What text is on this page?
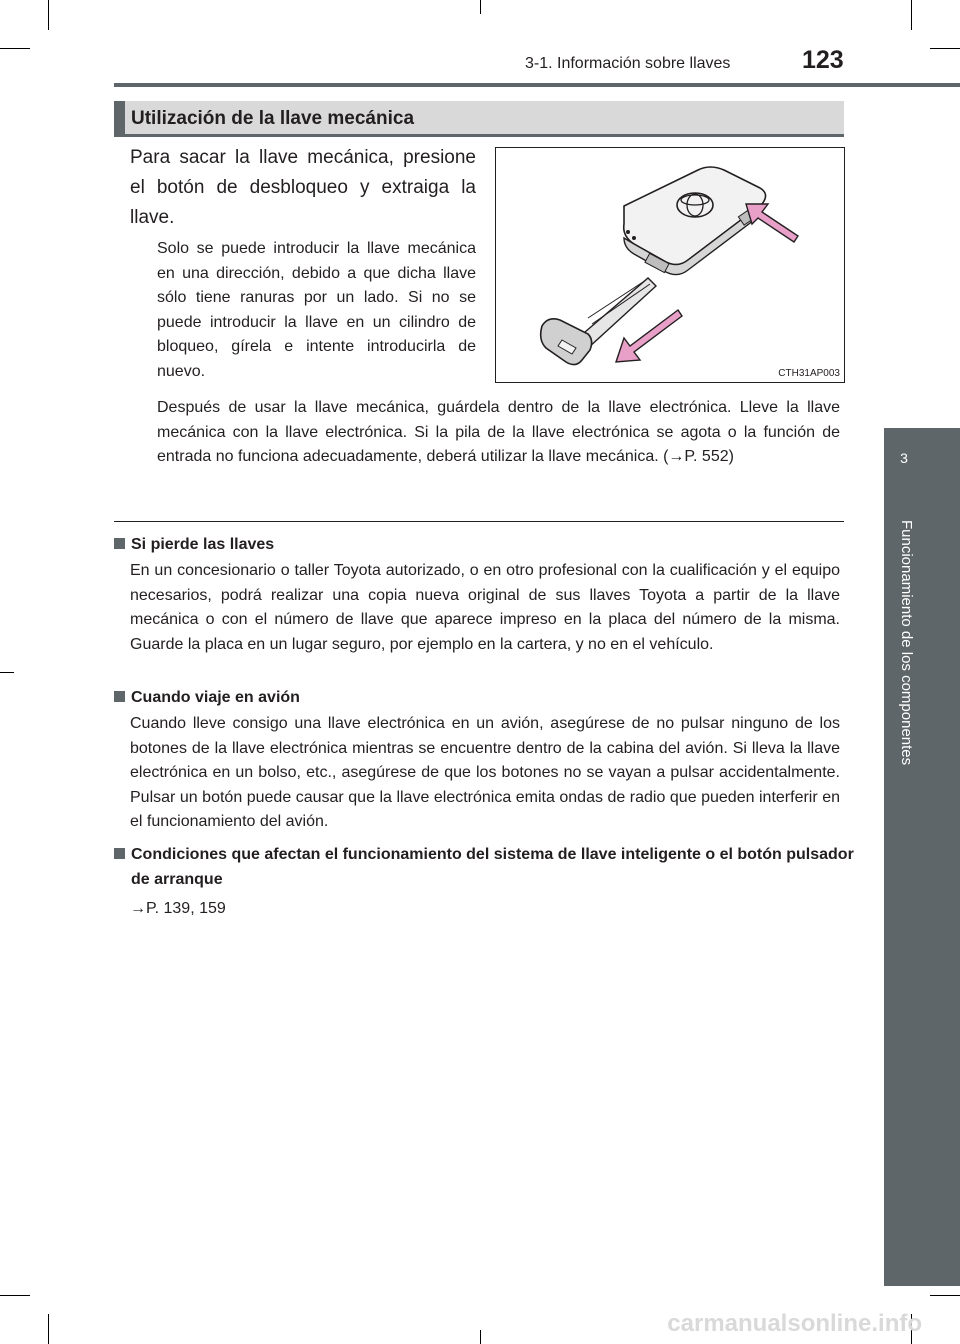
3-1. Información sobre llaves	123
3
Funcionamiento de los componentes
Utilización de la llave mecánica

Para sacar la llave mecánica, presione el botón de desbloqueo y extraiga la llave.

Solo se puede introducir la llave mecánica en una dirección, debido a que dicha llave sólo tiene ranuras por un lado. Si no se puede introducir la llave en un cilindro de bloqueo, gírela e intente introducirla de nuevo.	CTH31AP003

Después de usar la llave mecánica, guárdela dentro de la llave electrónica. Lleve la llave mecánica con la llave electrónica. Si la pila de la llave electrónica se agota o la función de entrada no funciona adecuadamente, deberá utilizar la llave mecánica. (→P. 552)

Si pierde las llaves

En un concesionario o taller Toyota autorizado, o en otro profesional con la cualificación y el equipo necesarios, podrá realizar una copia nueva original de sus llaves Toyota a partir de la llave mecánica o con el número de llave que aparece impreso en la placa del número de la misma. Guarde la placa en un lugar seguro, por ejemplo en la cartera, y no en el vehículo.

Cuando viaje en avión

Cuando lleve consigo una llave electrónica en un avión, asegúrese de no pulsar ninguno de los botones de la llave electrónica mientras se encuentre dentro de la cabina del avión. Si lleva la llave electrónica en un bolso, etc., asegúrese de que los botones no se vayan a pulsar accidentalmente. Pulsar un botón puede causar que la llave electrónica emita ondas de radio que pueden interferir en el funcionamiento del avión.

Condiciones que afectan el funcionamiento del sistema de llave inteligente o el botón pulsador de arranque

→P. 139, 159

carmanualsonline.info
